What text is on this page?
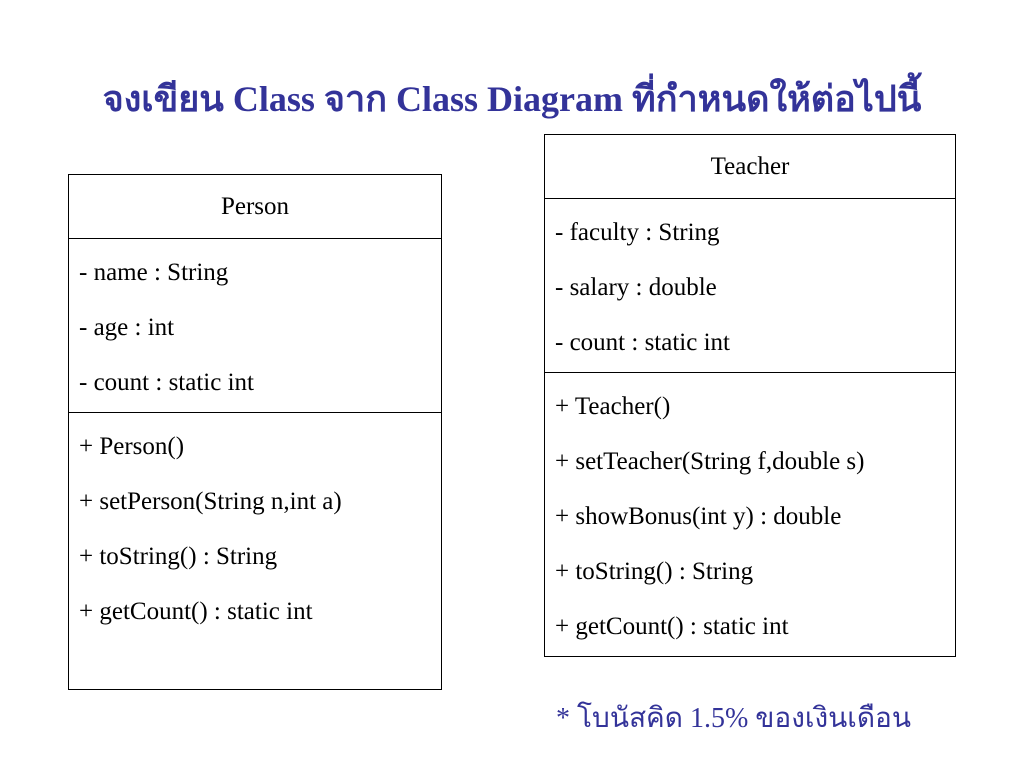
จงเขียน Class จาก Class Diagram ที่กำหนดให้ต่อไปนี้
Person
- name : String
- age : int
- count : static int
+ Person()
+ setPerson(String n,int a)
+ toString() : String
+ getCount() : static int
Teacher
- faculty : String
- salary : double
- count : static int
+ Teacher()
+ setTeacher(String f,double s)
+ showBonus(int y) : double
+ toString() : String
+ getCount() : static int
* โบนัสคิด 1.5% ของเงินเดือน
